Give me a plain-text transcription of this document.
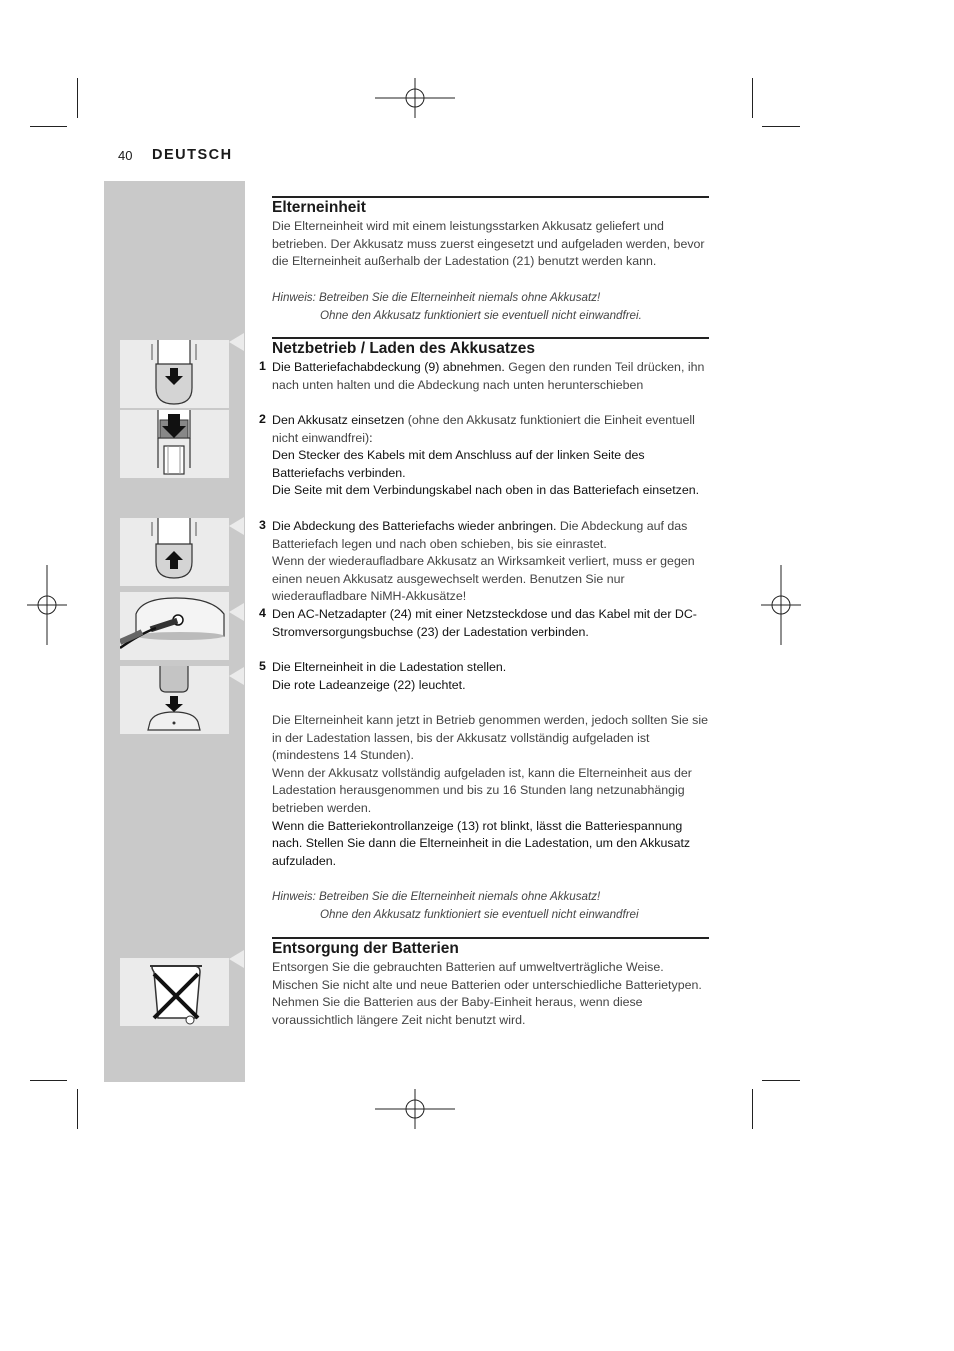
40 DEUTSCH
Elterneinheit

Die Elterneinheit wird mit einem leistungsstarken Akkusatz geliefert und betrieben. Der Akkusatz muss zuerst eingesetzt und aufgeladen werden, bevor die Elterneinheit außerhalb der Ladestation (21) benutzt werden kann.

Hinweis: Betreiben Sie die Elterneinheit niemals ohne Akkusatz!
Ohne den Akkusatz funktioniert sie eventuell nicht einwandfrei.

Netzbetrieb / Laden des Akkusatzes
1 Die Batteriefachabdeckung (9) abnehmen. Gegen den runden Teil drücken, ihn nach unten halten und die Abdeckung nach unten herunterschieben

2 Den Akkusatz einsetzen (ohne den Akkusatz funktioniert die Einheit eventuell nicht einwandfrei):
Den Stecker des Kabels mit dem Anschluss auf der linken Seite des Batteriefachs verbinden.
Die Seite mit dem Verbindungskabel nach oben in das Batteriefach einsetzen.

3 Die Abdeckung des Batteriefachs wieder anbringen. Die Abdeckung auf das Batteriefach legen und nach oben schieben, bis sie einrastet.
Wenn der wiederaufladbare Akkusatz an Wirksamkeit verliert, muss er gegen einen neuen Akkusatz ausgewechselt werden. Benutzen Sie nur wiederaufladbare NiMH-Akkusätze!

4 Den AC-Netzadapter (24) mit einer Netzsteckdose und das Kabel mit der DC-Stromversorgungsbuchse (23) der Ladestation verbinden.

5 Die Elterneinheit in die Ladestation stellen.
Die rote Ladeanzeige (22) leuchtet.

Die Elterneinheit kann jetzt in Betrieb genommen werden, jedoch sollten Sie sie in der Ladestation lassen, bis der Akkusatz vollständig aufgeladen ist (mindestens 14 Stunden).
Wenn der Akkusatz vollständig aufgeladen ist, kann die Elterneinheit aus der Ladestation herausgenommen und bis zu 16 Stunden lang netzunabhängig betrieben werden.
Wenn die Batteriekontrollanzeige (13) rot blinkt, lässt die Batteriespannung nach. Stellen Sie dann die Elterneinheit in die Ladestation, um den Akkusatz aufzuladen.

Hinweis: Betreiben Sie die Elterneinheit niemals ohne Akkusatz!
Ohne den Akkusatz funktioniert sie eventuell nicht einwandfrei

Entsorgung der Batterien

Entsorgen Sie die gebrauchten Batterien auf umweltverträgliche Weise. Mischen Sie nicht alte und neue Batterien oder unterschiedliche Batterietypen. Nehmen Sie die Batterien aus der Baby-Einheit heraus, wenn diese voraussichtlich längere Zeit nicht benutzt wird.
